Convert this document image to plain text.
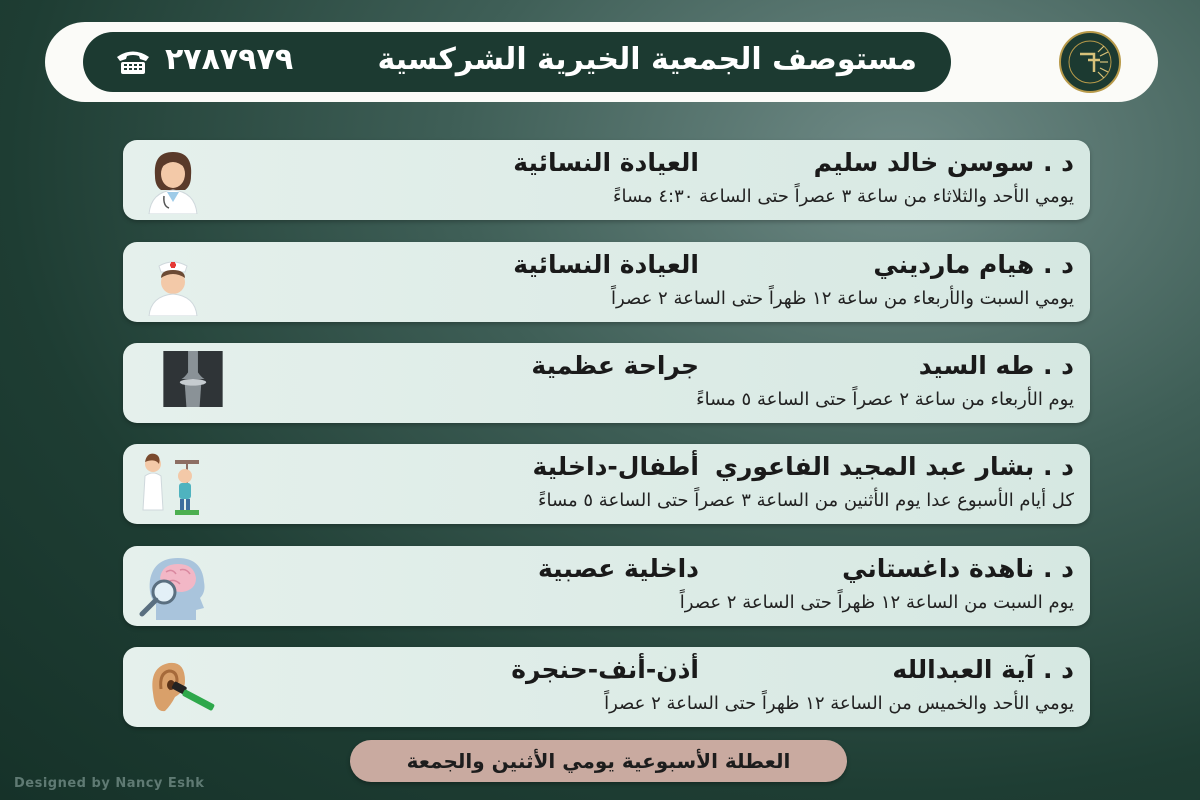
٢٧٨٧٩٧٩	مستوصف الجمعية الخيرية الشركسية
د . سوسن خالد سليم
العيادة النسائية
يومي الأحد والثلاثاء من ساعة ٣ عصراً حتى الساعة ٤:٣٠ مساءً
د . هيام مارديني
العيادة النسائية
يومي السبت والأربعاء من ساعة ١٢ ظهراً حتى الساعة ٢ عصراً
د . طه السيد
جراحة عظمية
يوم الأربعاء من ساعة ٢ عصراً حتى الساعة ٥ مساءً
د . بشار عبد المجيد الفاعوري
أطفال-داخلية
كل أيام الأسبوع عدا يوم الأثنين من الساعة ٣ عصراً حتى الساعة ٥ مساءً
د . ناهدة داغستاني
داخلية عصبية
يوم السبت من الساعة ١٢ ظهراً حتى الساعة ٢ عصراً
د . آية العبدالله
أذن-أنف-حنجرة
يومي الأحد والخميس من الساعة ١٢ ظهراً حتى الساعة ٢ عصراً
العطلة الأسبوعية يومي الأثنين والجمعة
Designed by Nancy Eshk
